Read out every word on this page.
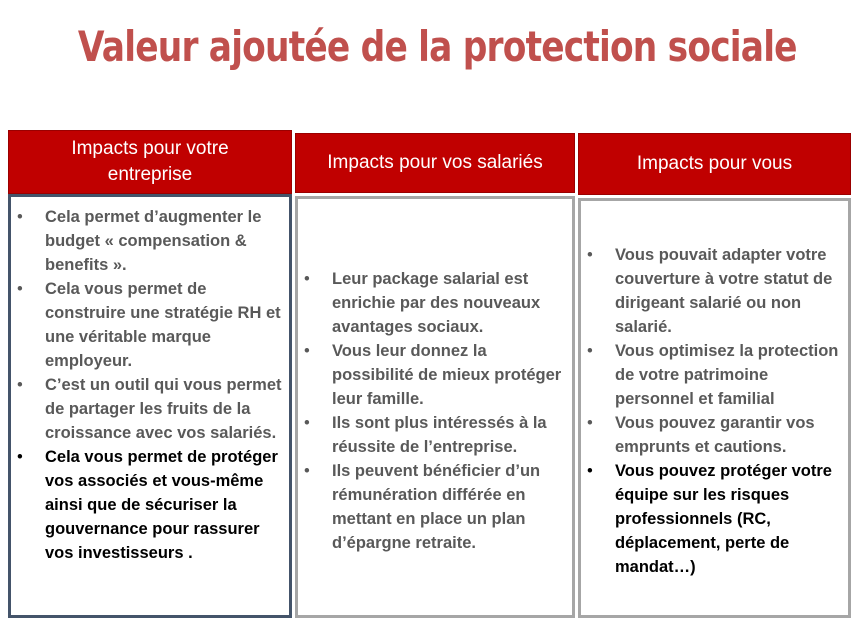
Valeur ajoutée de la protection sociale
Impacts pour votre entreprise
• Cela permet d’augmenter le budget « compensation & benefits ».
• Cela vous permet de construire une stratégie RH et une véritable marque employeur.
• C’est un outil qui vous permet de partager les fruits de la croissance avec vos salariés.
• Cela vous permet de protéger vos associés et vous-même ainsi que de sécuriser la gouvernance pour rassurer vos investisseurs .
Impacts pour vos salariés
• Leur package salarial est enrichie par des nouveaux avantages sociaux.
• Vous leur donnez la possibilité de mieux protéger leur famille.
• Ils sont plus intéressés à la réussite de l’entreprise.
• Ils peuvent bénéficier d’un rémunération différée en mettant en place un plan d’épargne retraite.
Impacts pour vous
• Vous pouvait adapter votre couverture à votre statut de dirigeant salarié ou non salarié.
• Vous optimisez la protection de votre patrimoine personnel et familial
• Vous pouvez garantir vos emprunts et cautions.
• Vous pouvez protéger votre équipe sur les risques professionnels (RC, déplacement, perte de mandat…)
